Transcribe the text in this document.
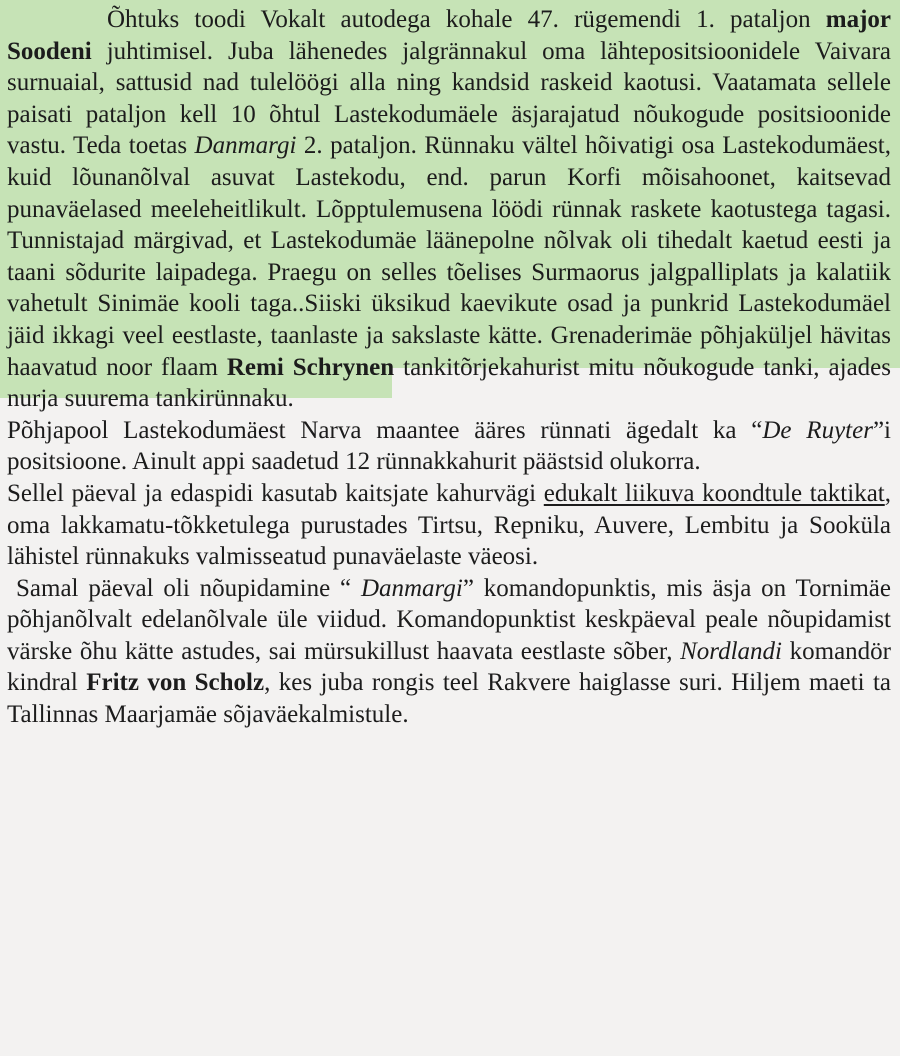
Õhtuks toodi Vokalt autodega kohale 47. rügemendi 1. pataljon major Soodeni juhtimisel. Juba lähenedes jalgrännakul oma lähtepositsioonidele Vaivara surnuaial, sattusid nad tulelöögi alla ning kandsid raskeid kaotusi. Vaatamata sellele paisati pataljon kell 10 õhtul Lastekodumäele äsjarajatud nõukogude positsioonide vastu. Teda toetas Danmargi 2. pataljon. Rünnaku vältel hõivatigi osa Lastekodumäest, kuid lõunanõlval asuvat Lastekodu, end. parun Korfi mõisahoonet, kaitsevad punaväelased meeleheitlikult. Lõpptulemusena löödi rünnak raskete kaotustega tagasi. Tunnistajad märgivad, et Lastekodumäe läänepolne nõlvak oli tihedalt kaetud eesti ja taani sõdurite laipadega. Praegu on selles tõelises Surmaorus jalgpalliplats ja kalatiik vahetult Sinimäe kooli taga..Siiski üksikud kaevikute osad ja punkrid Lastekodumäel jäid ikkagi veel eestlaste, taanlaste ja sakslaste kätte. Grenaderimäe põhjaküljel hävitas haavatud noor flaam Remi Schrynen tankitõrjekahurist mitu nõukogude tanki, ajades nurja suurema tankirünnaku.

Põhjapool Lastekodumäest Narva maantee ääres rünnati ägedalt ka “De Ruyter”i positsioone. Ainult appi saadetud 12 rünnakkahurit päästsid olukorra.

Sellel päeval ja edaspidi kasutab kaitsjate kahurvägi edukalt liikuva koondtule taktikat, oma lakkamatu-tõkketulega purustades Tirtsu, Repniku, Auvere, Lembitu ja Sooküla lähistel rünnakuks valmisseatud punaväelaste väeosi.

Samal päeval oli nõupidamine “ Danmargi” komandopunktis, mis äsja on Tornimäe põhjanõlvalt edelanõlvale üle viidud. Komandopunktist keskpäeval peale nõupidamist värske õhu kätte astudes, sai mürsukillust haavata eestlaste sõber, Nordlandi komandör kindral Fritz von Scholz, kes juba rongis teel Rakvere haiglasse suri. Hiljem maeti ta Tallinnas Maarjamäe sõjaväekalmistule.
